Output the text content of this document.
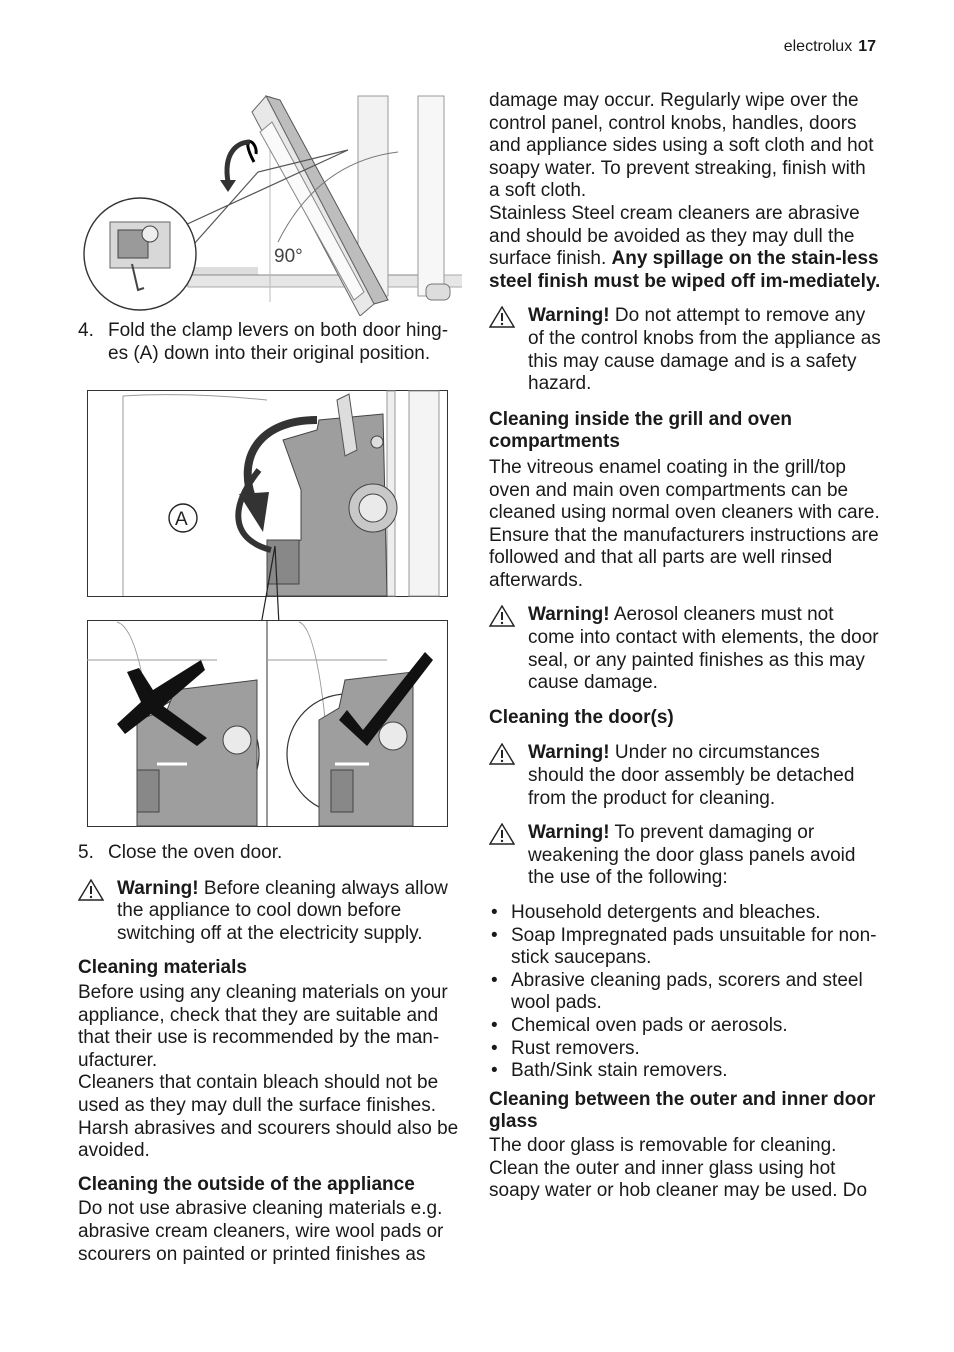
electrolux 17
90°
4. Fold the clamp levers on both door hing-es (A) down into their original position.
A
5. Close the oven door.

Warning! Before cleaning always allow the appliance to cool down before switching off at the electricity supply.

Cleaning materials

Before using any cleaning materials on your appliance, check that they are suitable and that their use is recommended by the man-ufacturer.

Cleaners that contain bleach should not be used as they may dull the surface finishes. Harsh abrasives and scourers should also be avoided.

Cleaning the outside of the appliance

Do not use abrasive cleaning materials e.g. abrasive cream cleaners, wire wool pads or scourers on painted or printed finishes as

damage may occur. Regularly wipe over the control panel, control knobs, handles, doors and appliance sides using a soft cloth and hot soapy water. To prevent streaking, finish with a soft cloth.

Stainless Steel cream cleaners are abrasive and should be avoided as they may dull the surface finish. Any spillage on the stain-less steel finish must be wiped off im-mediately.

Warning! Do not attempt to remove any of the control knobs from the appliance as this may cause damage and is a safety hazard.

Cleaning inside the grill and oven compartments

The vitreous enamel coating in the grill/top oven and main oven compartments can be cleaned using normal oven cleaners with care.

Ensure that the manufacturers instructions are followed and that all parts are well rinsed afterwards.

Warning! Aerosol cleaners must not come into contact with elements, the door seal, or any painted finishes as this may cause damage.

Cleaning the door(s)

Warning! Under no circumstances should the door assembly be detached from the product for cleaning.

Warning! To prevent damaging or weakening the door glass panels avoid the use of the following:

• Household detergents and bleaches.
• Soap Impregnated pads unsuitable for non-stick saucepans.
• Abrasive cleaning pads, scorers and steel wool pads.
• Chemical oven pads or aerosols.
• Rust removers.
• Bath/Sink stain removers.
Cleaning between the outer and inner door glass

The door glass is removable for cleaning. Clean the outer and inner glass using hot soapy water or hob cleaner may be used. Do
